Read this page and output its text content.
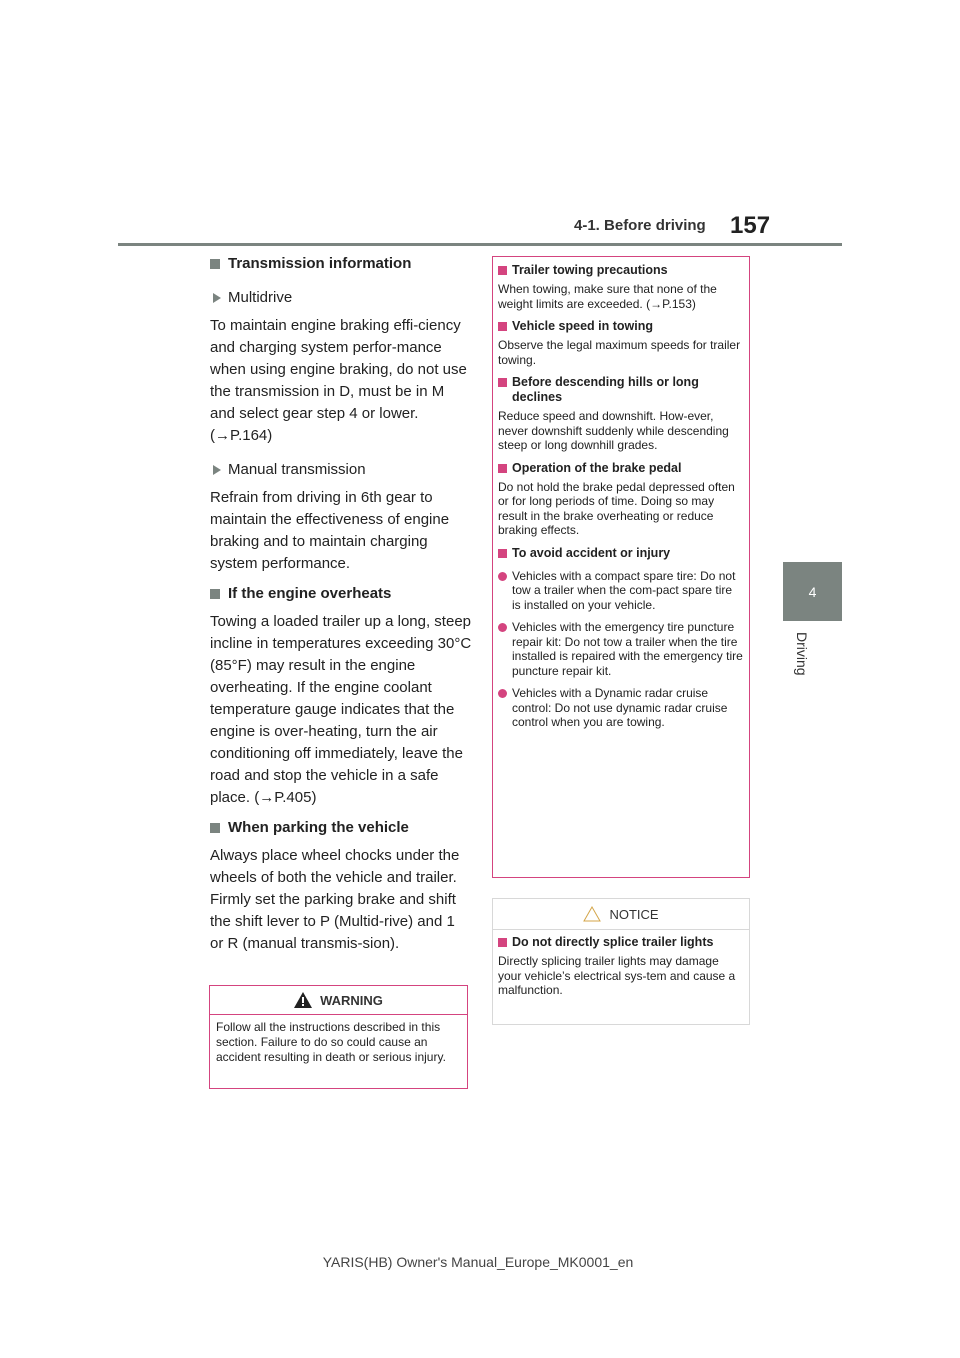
4-1. Before driving 157
4
Driving
Transmission information
Multidrive

To maintain engine braking effi-ciency and charging system perfor-mance when using engine braking, do not use the transmission in D, must be in M and select gear step 4 or lower. (→P.164)

Manual transmission

Refrain from driving in 6th gear to maintain the effectiveness of engine braking and to maintain charging system performance.

If the engine overheats

Towing a loaded trailer up a long, steep incline in temperatures exceeding 30°C (85°F) may result in the engine overheating. If the engine coolant temperature gauge indicates that the engine is over-heating, turn the air conditioning off immediately, leave the road and stop the vehicle in a safe place. (→P.405)

When parking the vehicle

Always place wheel chocks under the wheels of both the vehicle and trailer. Firmly set the parking brake and shift the shift lever to P (Multid-rive) and 1 or R (manual transmis-sion).

WARNING
Follow all the instructions described in this section. Failure to do so could cause an accident resulting in death or serious injury.
Trailer towing precautions

When towing, make sure that none of the weight limits are exceeded. (→P.153)

Vehicle speed in towing

Observe the legal maximum speeds for trailer towing.

Before descending hills or long declines

Reduce speed and downshift. How-ever, never downshift suddenly while descending steep or long downhill grades.

Operation of the brake pedal

Do not hold the brake pedal depressed often or for long periods of time. Doing so may result in the brake overheating or reduce braking effects.

To avoid accident or injury
Vehicles with a compact spare tire: Do not tow a trailer when the com-pact spare tire is installed on your vehicle.
Vehicles with the emergency tire puncture repair kit: Do not tow a trailer when the tire installed is repaired with the emergency tire puncture repair kit.
Vehicles with a Dynamic radar cruise control: Do not use dynamic radar cruise control when you are towing.
NOTICE
Do not directly splice trailer lights

Directly splicing trailer lights may damage your vehicle’s electrical sys-tem and cause a malfunction.

YARIS(HB) Owner's Manual_Europe_MK0001_en
